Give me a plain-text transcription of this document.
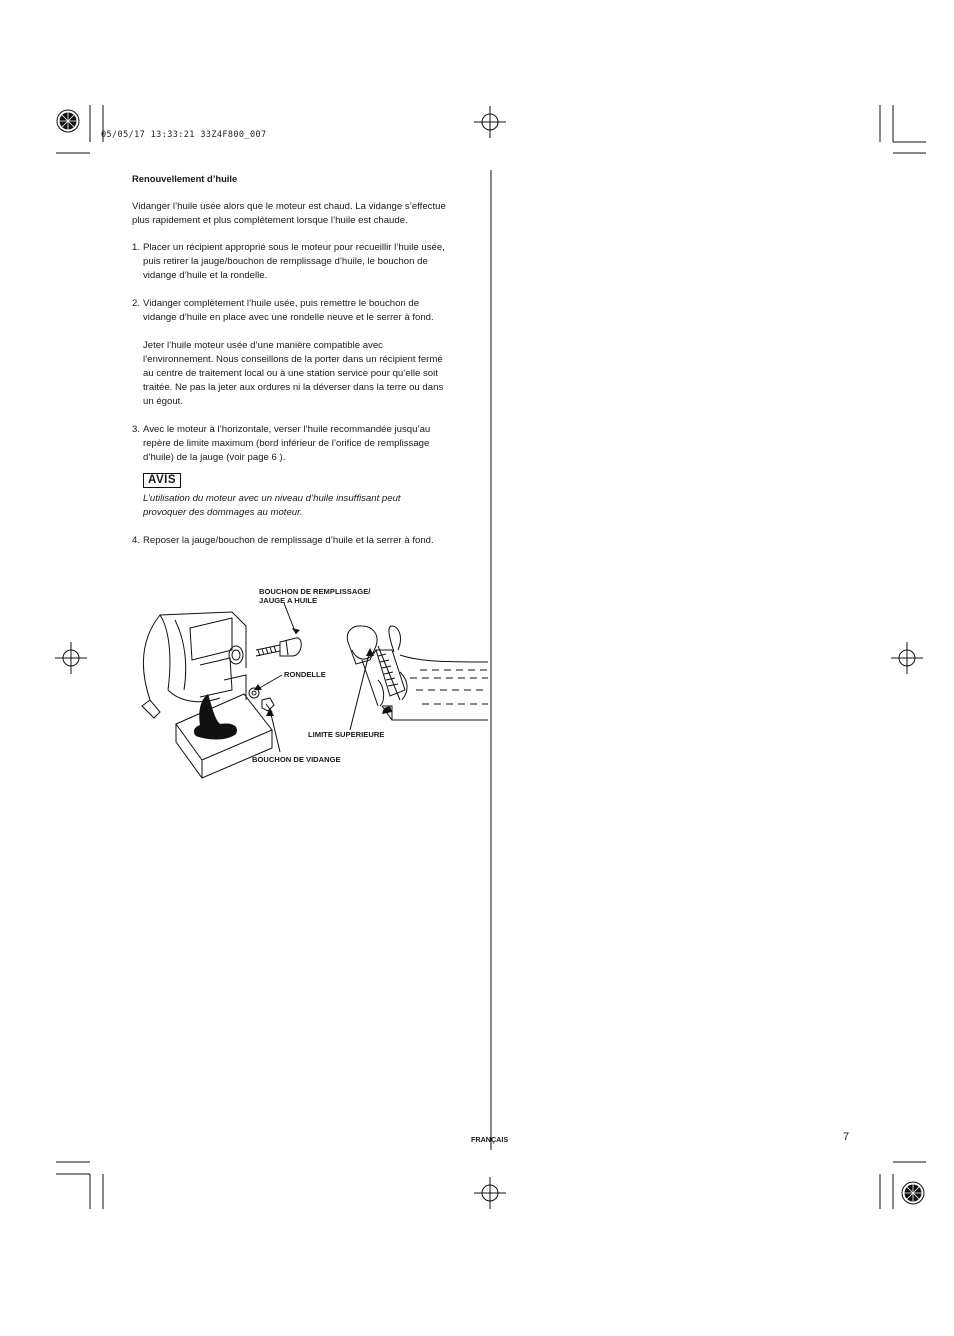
05/05/17 13:33:21 33Z4F800_007
Renouvellement d’huile
Vidanger l’huile usée alors que le moteur est chaud. La vidange s’effectue
plus rapidement et plus complètement lorsque l’huile est chaude.
1. Placer un récipient approprié sous le moteur pour recueillir l’huile usée,
puis retirer la jauge/bouchon de remplissage d’huile, le bouchon de
vidange d’huile et la rondelle.
2. Vidanger complètement l’huile usée, puis remettre le bouchon de
vidange d’huile en place avec une rondelle neuve et le serrer à fond.
Jeter l’huile moteur usée d’une manière compatible avec
l’environnement. Nous conseillons de la porter dans un récipient fermé
au centre de traitement local ou à une station service pour qu’elle soit
traitée. Ne pas la jeter aux ordures ni la déverser dans la terre ou dans
un égout.
3. Avec le moteur à l’horizontale, verser l’huile recommandée jusqu’au
repère de limite maximum (bord inférieur de l’orifice de remplissage
d’huile) de la jauge (voir page 6 ).
AVIS
L’utilisation du moteur avec un niveau d’huile insuffisant peut
provoquer des dommages au moteur.
4. Reposer la jauge/bouchon de remplissage d’huile et la serrer à fond.
BOUCHON DE REMPLISSAGE/
JAUGE A HUILE
RONDELLE
LIMITE SUPERIEURE
BOUCHON DE VIDANGE
FRANÇAIS	7
